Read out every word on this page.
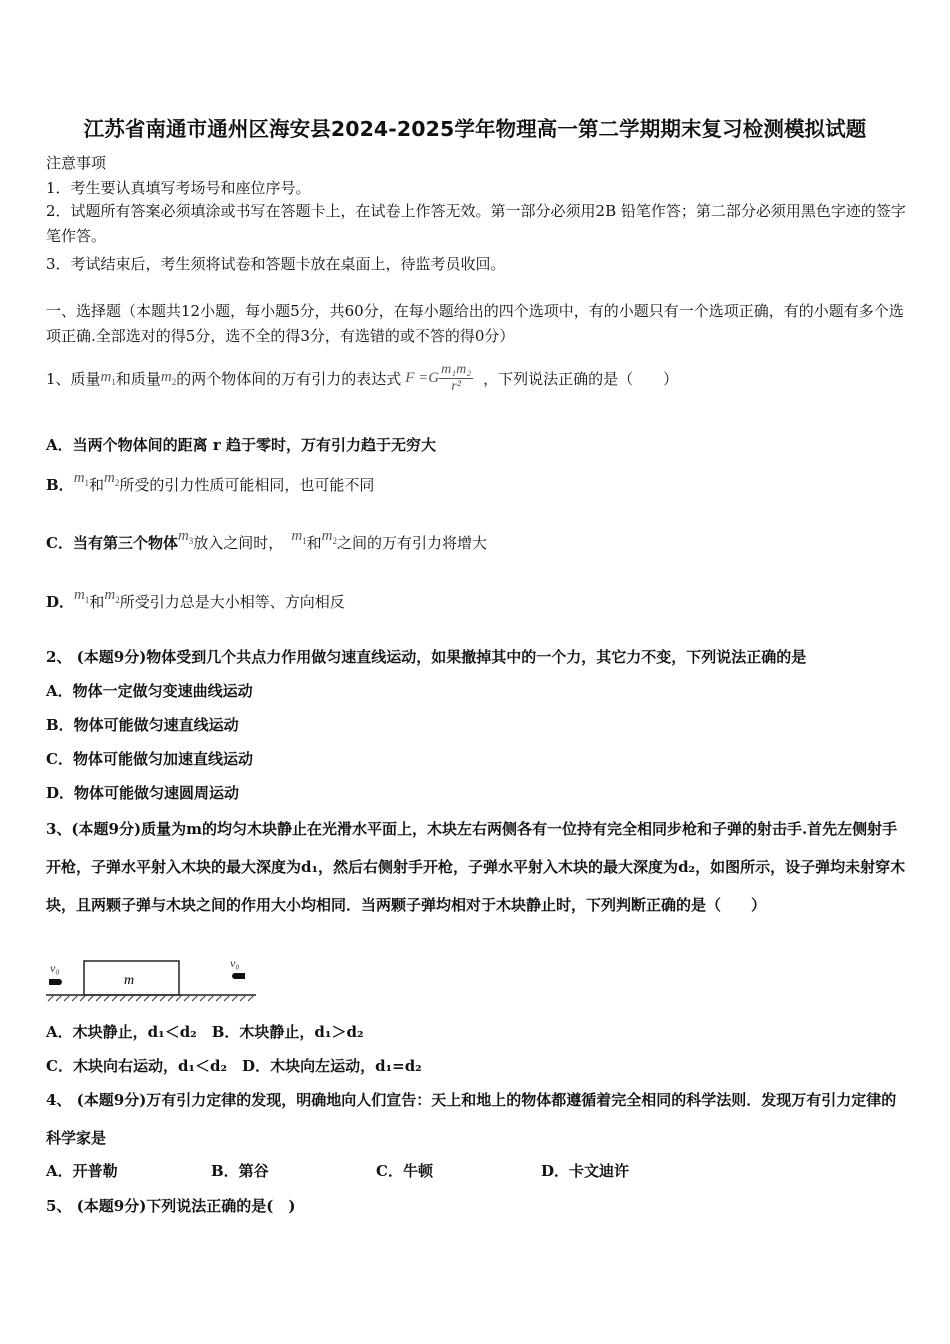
江苏省南通市通州区海安县2024-2025学年物理高一第二学期期末复习检测模拟试题
注意事项
1．考生要认真填写考场号和座位序号。
2．试题所有答案必须填涂或书写在答题卡上，在试卷上作答无效。第一部分必须用2B 铅笔作答；第二部分必须用黑色字迹的签字笔作答。
3．考试结束后，考生须将试卷和答题卡放在桌面上，待监考员收回。
一、选择题（本题共12小题，每小题5分，共60分，在每小题给出的四个选项中，有的小题只有一个选项正确，有的小题有多个选项正确.全部选对的得5分，选不全的得3分，有选错的或不答的得0分）
1、质量 $m_1$ 和质量 $m_2$ 的两个物体间的万有引力的表达式 $F =G \frac{\text{m₁m₂}}{\text{r²}}$ ，下列说法正确的是（　　）
A．当两个物体间的距离 r 趋于零时，万有引力趋于无穷大
B． $m_1$ 和 $m_2$ 所受的引力性质可能相同，也可能不同
C．当有第三个物体 $m_3$ 放入之间时， $m_1$ 和 $m_2$ 之间的万有引力将增大
D． $m_1$ 和 $m_2$ 所受引力总是大小相等、方向相反
2、 (本题9分)物体受到几个共点力作用做匀速直线运动，如果撤掉其中的一个力，其它力不变，下列说法正确的是
A．物体一定做匀变速曲线运动
B．物体可能做匀速直线运动
C．物体可能做匀加速直线运动
D．物体可能做匀速圆周运动
3、(本题9分)质量为m的均匀木块静止在光滑水平面上，木块左右两侧各有一位持有完全相同步枪和子弹的射击手.首先左侧射手开枪，子弹水平射入木块的最大深度为d₁，然后右侧射手开枪，子弹水平射入木块的最大深度为d₂，如图所示，设子弹均未射穿木块，且两颗子弹与木块之间的作用大小均相同．当两颗子弹均相对于木块静止时，下列判断正确的是（　　）
m
v₀	v₀
A．木块静止，d₁＜d₂　B．木块静止，d₁＞d₂
C．木块向右运动，d₁＜d₂　D．木块向左运动，d₁=d₂
4、 (本题9分)万有引力定律的发现，明确地向人们宣告：天上和地上的物体都遵循着完全相同的科学法则．发现万有引力定律的科学家是
A．开普勒	B．第谷	C．牛顿	D．卡文迪许
5、 (本题9分)下列说法正确的是(　)
